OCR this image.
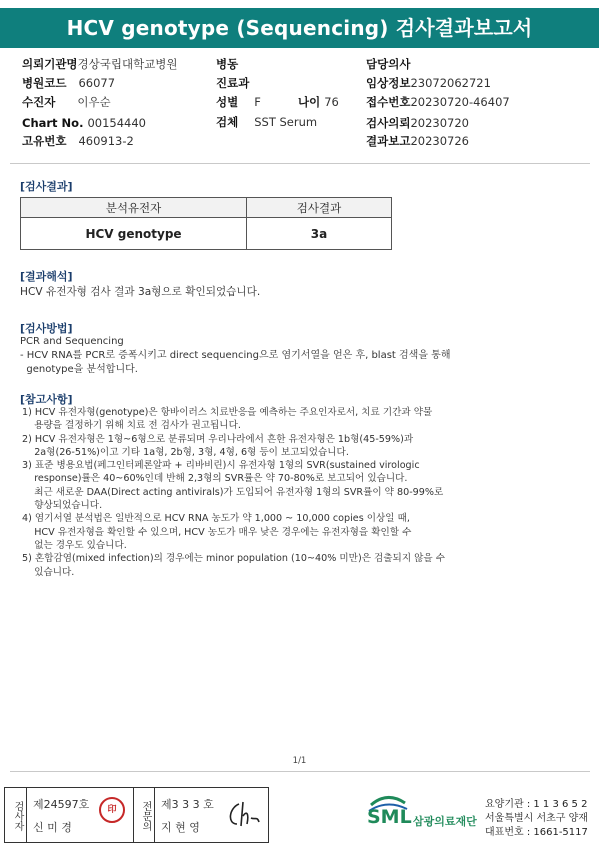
HCV genotype (Sequencing) 검사결과보고서
의뢰기관명경상국립대학교병원
병원코드 66077
수진자 이우순
Chart No. 00154440
고유번호 460913-2
병동
진료과
성별 F	나이 76
검체 SST Serum
담당의사
임상정보23072062721
접수번호20230720-46407
검사의뢰20230720
결과보고20230726
[검사결과]
분석유전자	검사결과
HCV genotype	3a
[결과해석]
HCV 유전자형 검사 결과 3a형으로 확인되었습니다.
[검사방법]
PCR and Sequencing
- HCV RNA를 PCR로 증폭시키고 direct sequencing으로 염기서열을 얻은 후, blast 검색을 통해
genotype을 분석합니다.
[참고사항]
1) HCV 유전자형(genotype)은 항바이러스 치료반응을 예측하는 주요인자로서, 치료 기간과 약물
용량을 결정하기 위해 치료 전 검사가 권고됩니다.
2) HCV 유전자형은 1형~6형으로 분류되며 우리나라에서 흔한 유전자형은 1b형(45-59%)과
2a형(26-51%)이고 기타 1a형, 2b형, 3형, 4형, 6형 등이 보고되었습니다.
3) 표준 병용요법(페그인터페론알파 + 리바비린)시 유전자형 1형의 SVR(sustained virologic
response)률은 40~60%인데 반해 2,3형의 SVR률은 약 70-80%로 보고되어 있습니다.
최근 새로운 DAA(Direct acting antivirals)가 도입되어 유전자형 1형의 SVR률이 약 80-99%로
향상되었습니다.
4) 염기서열 분석법은 일반적으로 HCV RNA 농도가 약 1,000 ~ 10,000 copies 이상일 때,
HCV 유전자형을 확인할 수 있으며, HCV 농도가 매우 낮은 경우에는 유전자형을 확인할 수
없는 경우도 있습니다.
5) 혼합감염(mixed infection)의 경우에는 minor population (10~40% 미만)은 검출되지 않을 수
있습니다.
1/1
검사자 제24597호
신 미 경
印	전문의 제3 3 3 호
지 현 영	SML 삼광의료재단
요양기관 : 1 1 3 6 5 2
서울특별시 서초구 양재
대표번호 : 1661-5117
